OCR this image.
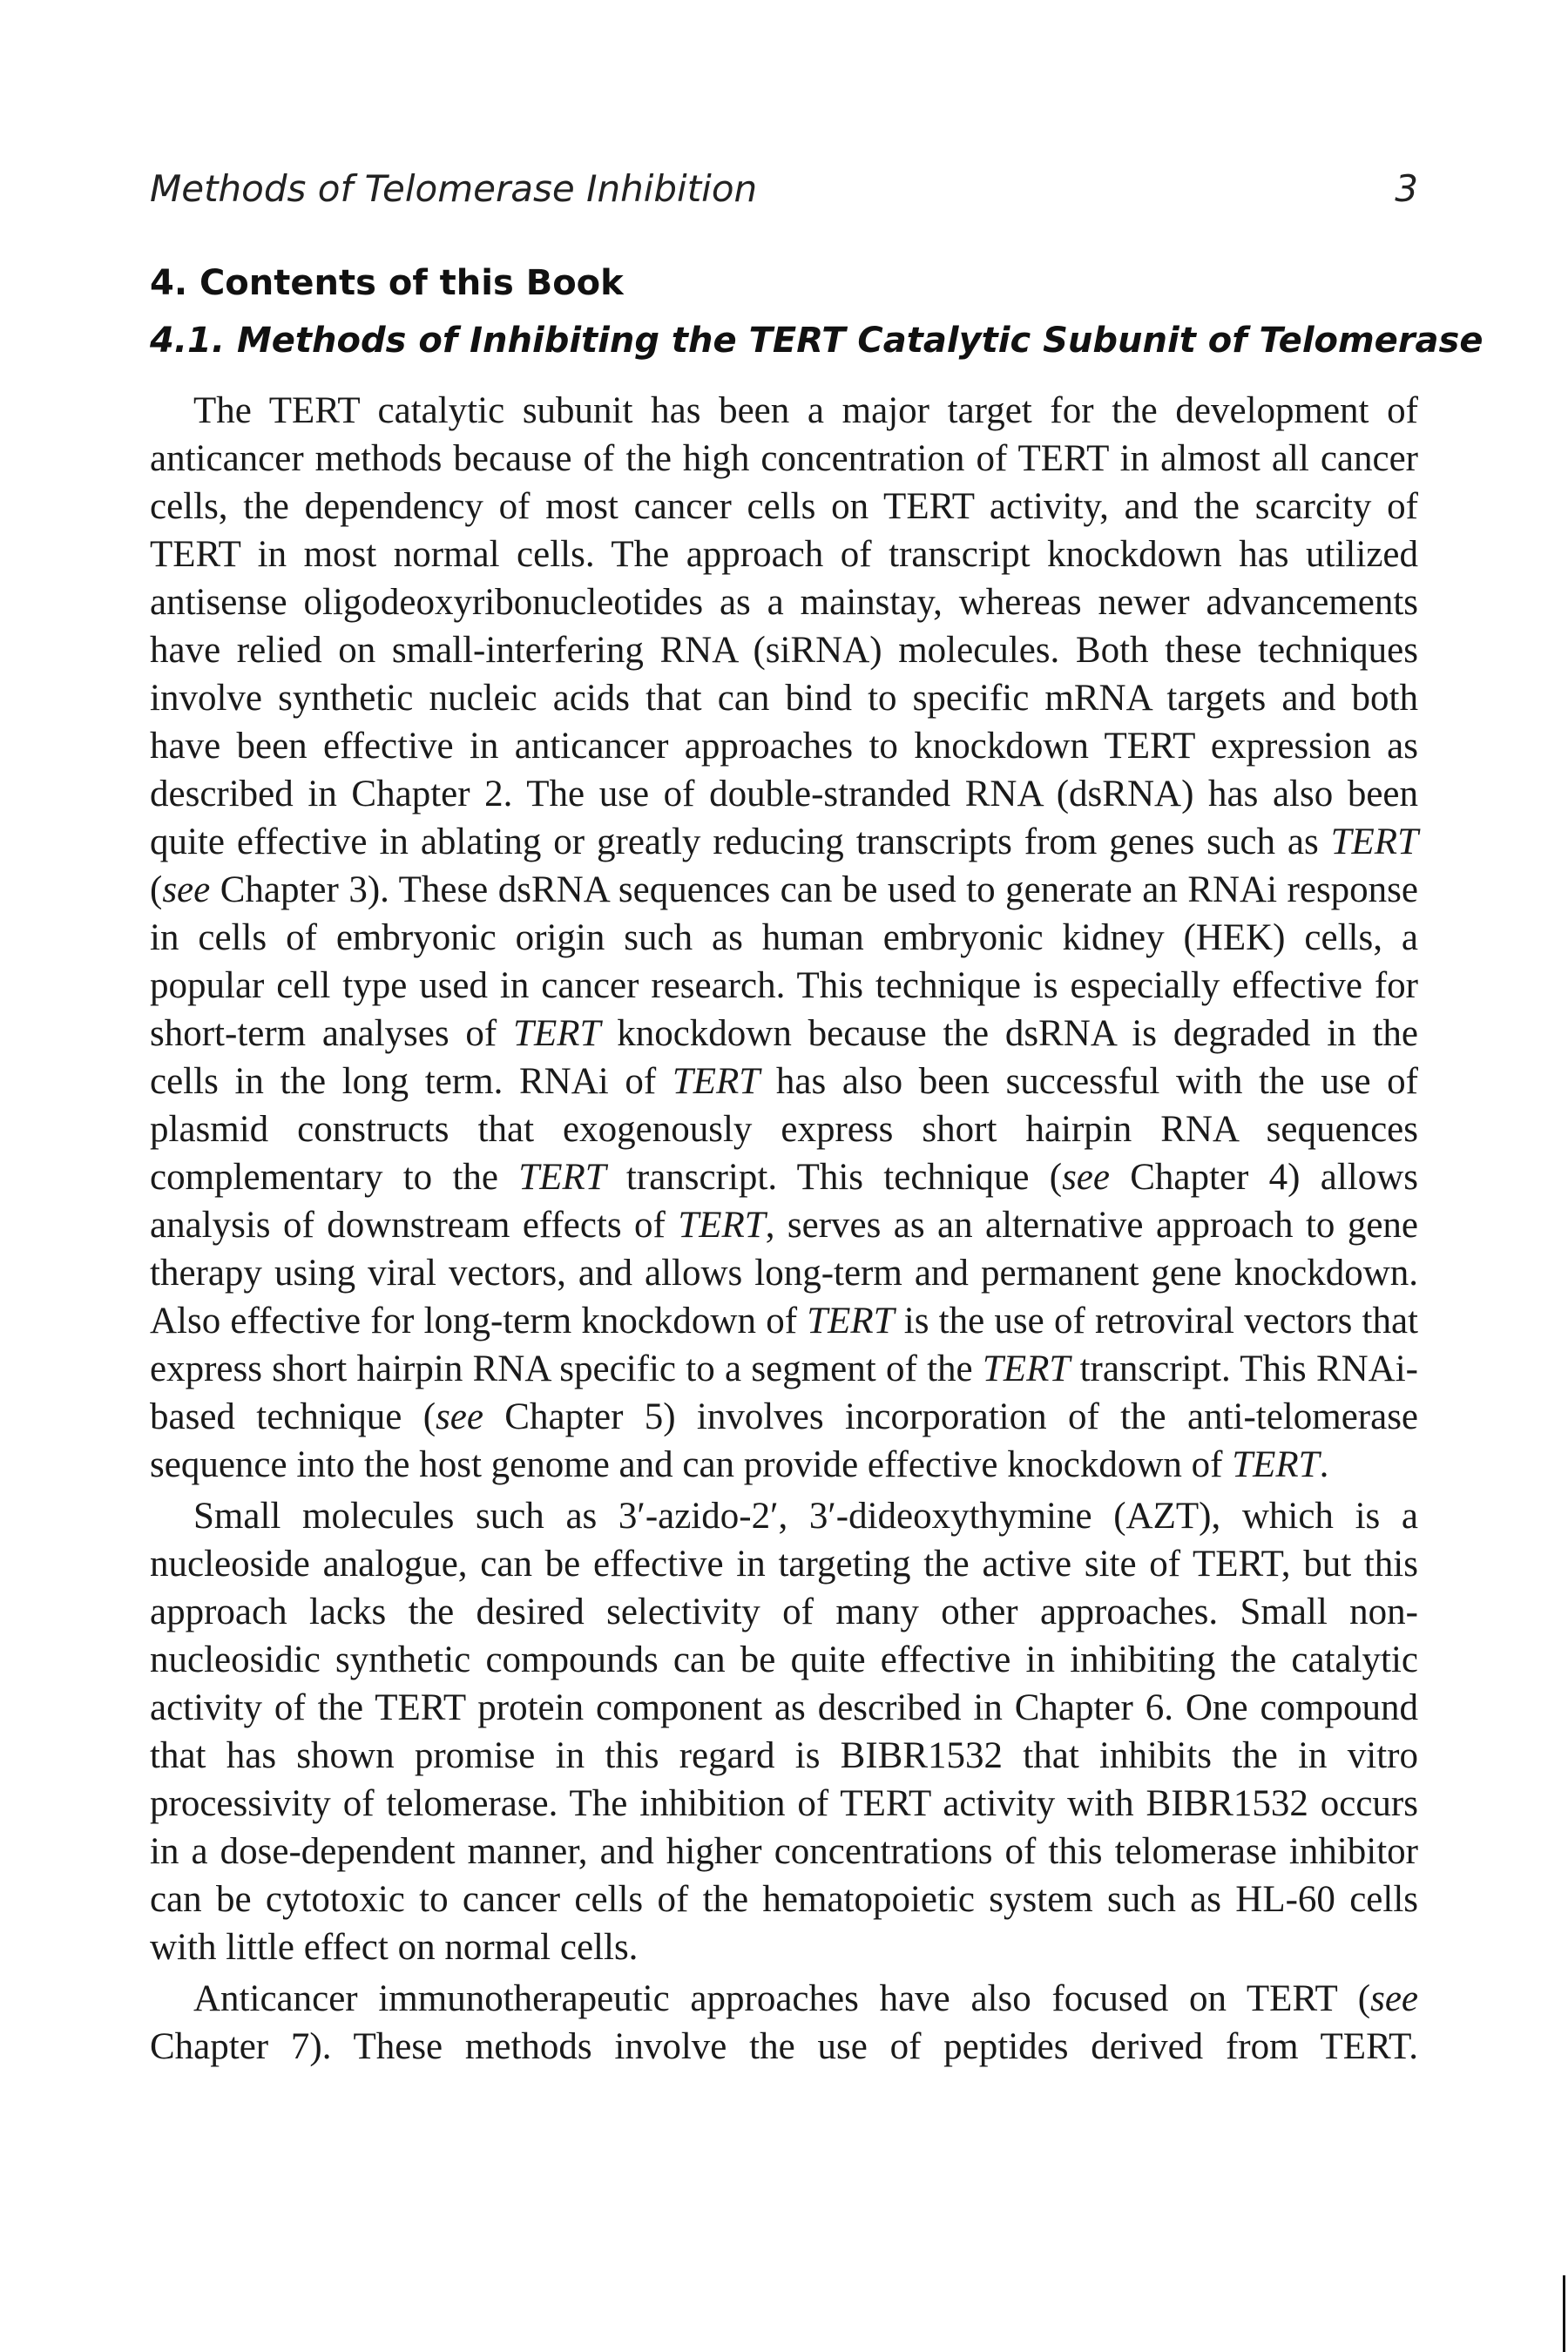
Methods of Telomerase Inhibition	3
4. Contents of this Book
4.1. Methods of Inhibiting the TERT Catalytic Subunit of Telomerase

The TERT catalytic subunit has been a major target for the development of anticancer methods because of the high concentration of TERT in almost all cancer cells, the dependency of most cancer cells on TERT activity, and the scarcity of TERT in most normal cells. The approach of transcript knockdown has utilized antisense oligodeoxyribonucleotides as a mainstay, whereas newer advancements have relied on small-interfering RNA (siRNA) molecules. Both these techniques involve synthetic nucleic acids that can bind to specific mRNA targets and both have been effective in anticancer approaches to knockdown TERT expression as described in Chapter 2. The use of double-stranded RNA (dsRNA) has also been quite effective in ablating or greatly reducing transcripts from genes such as TERT (see Chapter 3). These dsRNA sequences can be used to generate an RNAi response in cells of embryonic origin such as human embryonic kidney (HEK) cells, a popular cell type used in cancer research. This technique is especially effective for short-term analyses of TERT knockdown because the dsRNA is degraded in the cells in the long term. RNAi of TERT has also been successful with the use of plasmid constructs that exogenously express short hairpin RNA sequences complementary to the TERT transcript. This technique (see Chapter 4) allows analysis of downstream effects of TERT, serves as an alternative approach to gene therapy using viral vectors, and allows long-term and permanent gene knockdown. Also effective for long-term knockdown of TERT is the use of retroviral vectors that express short hairpin RNA specific to a segment of the TERT transcript. This RNAi-based technique (see Chapter 5) involves incorporation of the anti-telomerase sequence into the host genome and can provide effective knockdown of TERT.

Small molecules such as 3′-azido-2′, 3′-dideoxythymine (AZT), which is a nucleoside analogue, can be effective in targeting the active site of TERT, but this approach lacks the desired selectivity of many other approaches. Small non-nucleosidic synthetic compounds can be quite effective in inhibiting the catalytic activity of the TERT protein component as described in Chapter 6. One compound that has shown promise in this regard is BIBR1532 that inhibits the in vitro processivity of telomerase. The inhibition of TERT activity with BIBR1532 occurs in a dose-dependent manner, and higher concentrations of this telomerase inhibitor can be cytotoxic to cancer cells of the hematopoietic system such as HL-60 cells with little effect on normal cells.

Anticancer immunotherapeutic approaches have also focused on TERT (see Chapter 7). These methods involve the use of peptides derived from TERT.
